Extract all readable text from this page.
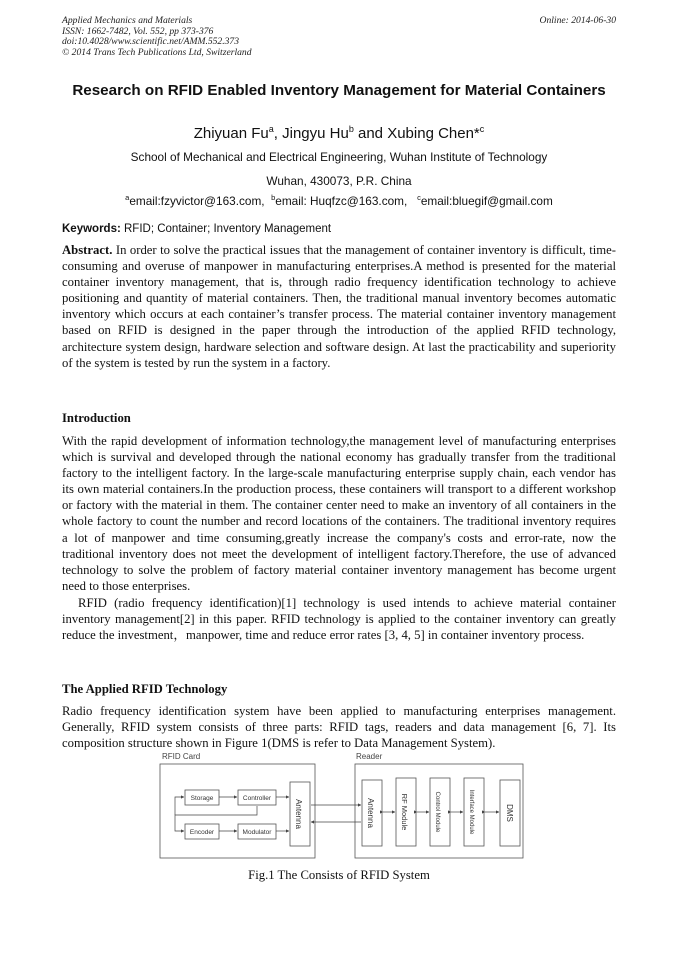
Applied Mechanics and Materials
ISSN: 1662-7482, Vol. 552, pp 373-376
doi:10.4028/www.scientific.net/AMM.552.373
© 2014 Trans Tech Publications Ltd, Switzerland
Online: 2014-06-30
Research on RFID Enabled Inventory Management for Material Containers
Zhiyuan Fu$^a$, Jingyu Hu$^b$ and Xubing Chen*$^c$
School of Mechanical and Electrical Engineering, Wuhan Institute of Technology
Wuhan, 430073, P.R. China
$^a$email:fzyvictor@163.com, $^b$email: Huqfzc@163.com, $^c$email:bluegif@gmail.com
Keywords: RFID; Container; Inventory Management
Abstract. In order to solve the practical issues that the management of container inventory is difficult, time-consuming and overuse of manpower in manufacturing enterprises.A method is presented for the material container inventory management, that is, through radio frequency identification technology to achieve positioning and quantity of material containers. Then, the traditional manual inventory becomes automatic inventory which occurs at each container’s transfer process. The material container inventory management based on RFID is designed in the paper through the introduction of the applied RFID technology, architecture system design, hardware selection and software design. At last the practicability and superiority of the system is tested by run the system in a factory.
Introduction
With the rapid development of information technology,the management level of manufacturing enterprises which is survival and developed through the national economy has gradually transfer from the traditional factory to the intelligent factory. In the large-scale manufacturing enterprise supply chain, each vendor has its own material containers.In the production process, these containers will transport to a different workshop or factory with the material in them. The container center need to make an inventory of all containers in the whole factory to count the number and record locations of the containers. The traditional inventory requires a lot of manpower and time consuming,greatly increase the company's costs and error-rate, now the traditional inventory does not meet the development of intelligent factory.Therefore, the use of advanced technology to solve the problem of factory material container inventory management has become urgent need to those enterprises.
RFID (radio frequency identification)[1] technology is used intends to achieve material container inventory management[2] in this paper. RFID technology is applied to the container inventory can greatly reduce the investment，manpower, time and reduce error rates [3, 4, 5] in container inventory process.
The Applied RFID Technology
Radio frequency identification system have been applied to manufacturing enterprises management. Generally, RFID system consists of three parts: RFID tags, readers and data management [6, 7]. Its composition structure shown in Figure 1(DMS is refer to Data Management System).
RFID Card	Reader
Storage	Controller
Encoder	Modulator
Antenna	Antenna	RF Module	Control Module	Interface Module	DMS
Fig.1 The Consists of RFID System
